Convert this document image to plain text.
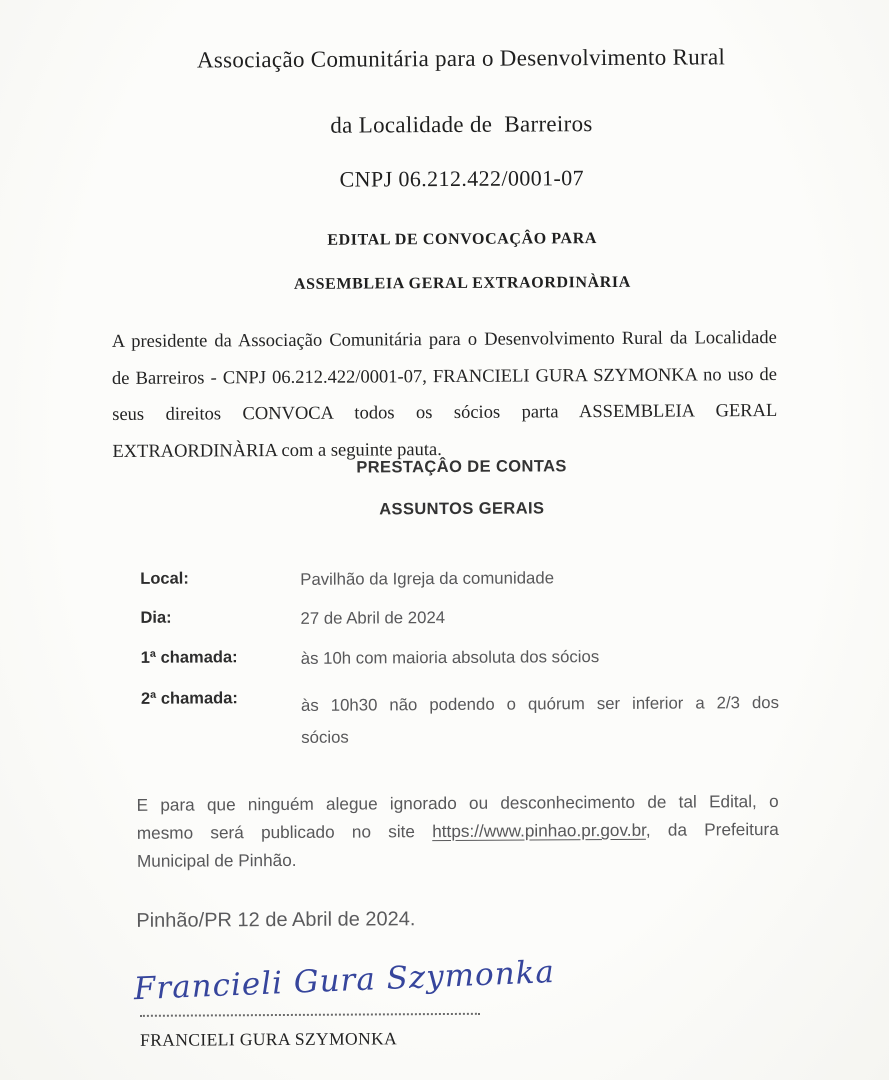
Associação Comunitária para o Desenvolvimento Rural
da Localidade de  Barreiros
CNPJ 06.212.422/0001-07
EDITAL DE CONVOCAÇÂO PARA
ASSEMBLEIA GERAL EXTRAORDINÀRIA
A presidente da Associação Comunitária para o Desenvolvimento Rural da Localidade
de Barreiros - CNPJ 06.212.422/0001-07, FRANCIELI GURA SZYMONKA no uso de
seus direitos CONVOCA todos os sócios parta ASSEMBLEIA GERAL
EXTRAORDINÀRIA com a seguinte pauta.
PRESTAÇÂO DE CONTAS
ASSUNTOS GERAIS
Local:	Pavilhão da Igreja da comunidade
Dia:	27 de Abril de 2024
1ª chamada:	às 10h com maioria absoluta dos sócios
2ª chamada:	às 10h30 não podendo o quórum ser inferior a 2/3 dos
sócios
E para que ninguém alegue ignorado ou desconhecimento de tal Edital, o
mesmo será publicado no site https://www.pinhao.pr.gov.br, da Prefeitura
Municipal de Pinhão.
Pinhão/PR 12 de Abril de 2024.
Francieli Gura Szymonka
FRANCIELI GURA SZYMONKA
